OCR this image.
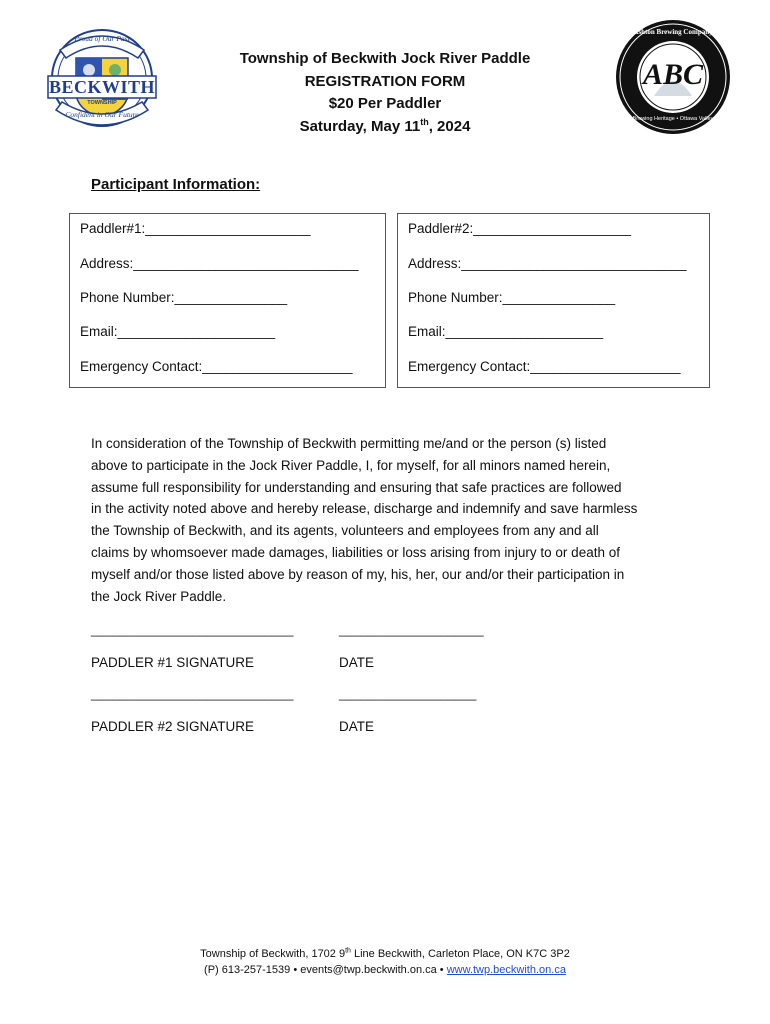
Proud of Our Past
BECKWITH
TOWNSHIP
Confident in Our Future
Ashton Brewing Company
ABC
Brewing Heritage • Ottawa Valley
Township of Beckwith Jock River Paddle
REGISTRATION FORM
$20 Per Paddler
Saturday, May 11th, 2024
Participant Information:
Paddler#1:______________________
Address:______________________________
Phone Number:_______________
Email:_____________________
Emergency Contact:____________________
Paddler#2:_____________________
Address:______________________________
Phone Number:_______________
Email:_____________________
Emergency Contact:____________________
In consideration of the Township of Beckwith permitting me/and or the person (s) listed
above to participate in the Jock River Paddle, I, for myself, for all minors named herein,
assume full responsibility for understanding and ensuring that safe practices are followed
in the activity noted above and hereby release, discharge and indemnify and save harmless
the Township of Beckwith, and its agents, volunteers and employees from any and all
claims by whomsoever made damages, liabilities or loss arising from injury to or death of
myself and/or those listed above by reason of my, his, her, our and/or their participation in
the Jock River Paddle.
____________________________	____________________
PADDLER #1 SIGNATURE	DATE
____________________________	___________________
PADDLER #2 SIGNATURE	DATE
Township of Beckwith, 1702 9th Line Beckwith, Carleton Place, ON K7C 3P2
(P) 613-257-1539 • events@twp.beckwith.on.ca • www.twp.beckwith.on.ca
